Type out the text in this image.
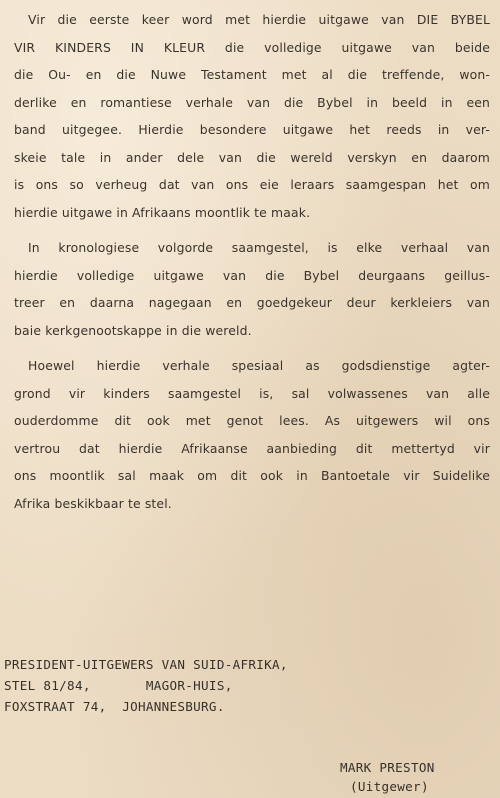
Vir die eerste keer word met hierdie uitgawe van DIE BYBEL
VIR KINDERS IN KLEUR die volledige uitgawe van beide
die Ou- en die Nuwe Testament met al die treffende, won-
derlike en romantiese verhale van die Bybel in beeld in een
band uitgegee. Hierdie besondere uitgawe het reeds in ver-
skeie tale in ander dele van die wereld verskyn en daarom
is ons so verheug dat van ons eie leraars saamgespan het om
hierdie uitgawe in Afrikaans moontlik te maak.
In kronologiese volgorde saamgestel, is elke verhaal van
hierdie volledige uitgawe van die Bybel deurgaans geillus-
treer en daarna nagegaan en goedgekeur deur kerkleiers van
baie kerkgenootskappe in die wereld.
Hoewel hierdie verhale spesiaal as godsdienstige agter-
grond vir kinders saamgestel is, sal volwassenes van alle
ouderdomme dit ook met genot lees. As uitgewers wil ons
vertrou dat hierdie Afrikaanse aanbieding dit mettertyd vir
ons moontlik sal maak om dit ook in Bantoetale vir Suidelike
Afrika beskikbaar te stel.
PRESIDENT-UITGEWERS VAN SUID-AFRIKA,
STEL 81/84,       MAGOR-HUIS,
FOXSTRAAT 74,  JOHANNESBURG.
MARK PRESTON
(Uitgewer)
